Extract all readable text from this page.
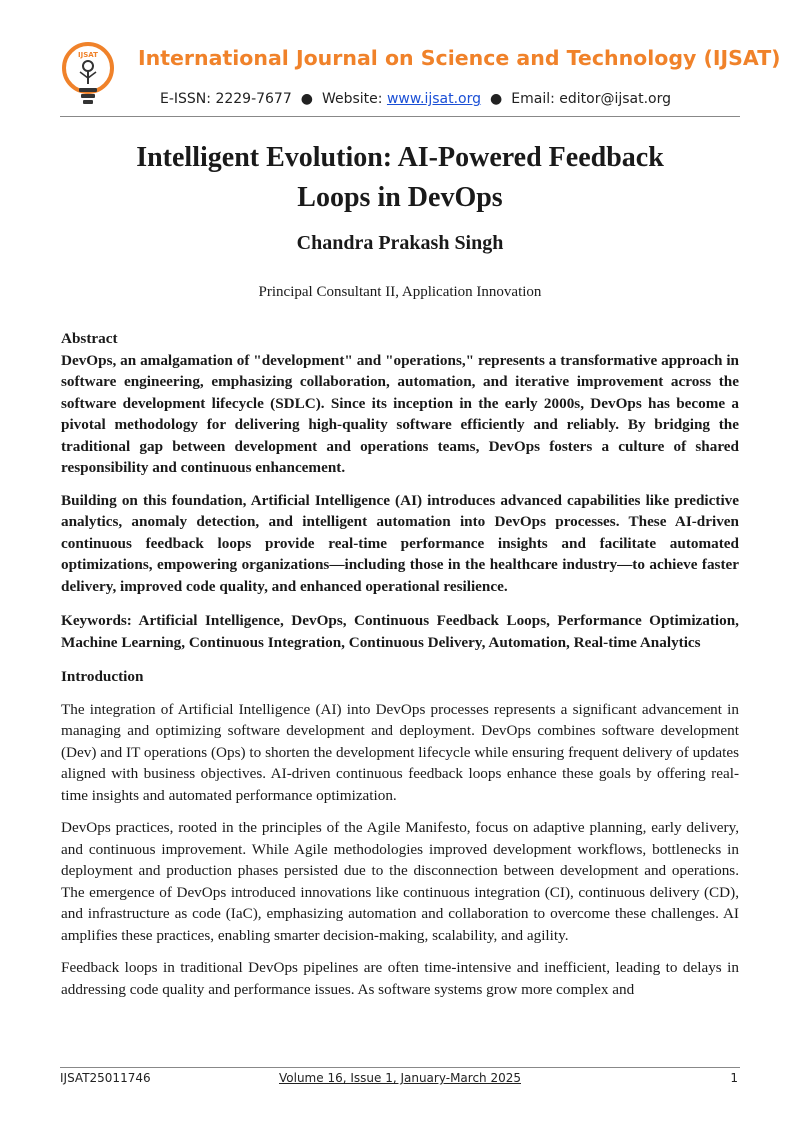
IJSAT International Journal on Science and Technology (IJSAT)
E-ISSN: 2229-7677 ● Website: www.ijsat.org ● Email: editor@ijsat.org
Intelligent Evolution: AI-Powered Feedback
Loops in DevOps
Chandra Prakash Singh
Principal Consultant II, Application Innovation
Abstract

DevOps, an amalgamation of "development" and "operations," represents a transformative approach in software engineering, emphasizing collaboration, automation, and iterative improvement across the software development lifecycle (SDLC). Since its inception in the early 2000s, DevOps has become a pivotal methodology for delivering high-quality software efficiently and reliably. By bridging the traditional gap between development and operations teams, DevOps fosters a culture of shared responsibility and continuous enhancement.

Building on this foundation, Artificial Intelligence (AI) introduces advanced capabilities like predictive analytics, anomaly detection, and intelligent automation into DevOps processes. These AI-driven continuous feedback loops provide real-time performance insights and facilitate automated optimizations, empowering organizations—including those in the healthcare industry—to achieve faster delivery, improved code quality, and enhanced operational resilience.

Keywords: Artificial Intelligence, DevOps, Continuous Feedback Loops, Performance Optimization, Machine Learning, Continuous Integration, Continuous Delivery, Automation, Real-time Analytics

Introduction

The integration of Artificial Intelligence (AI) into DevOps processes represents a significant advancement in managing and optimizing software development and deployment. DevOps combines software development (Dev) and IT operations (Ops) to shorten the development lifecycle while ensuring frequent delivery of updates aligned with business objectives. AI-driven continuous feedback loops enhance these goals by offering real-time insights and automated performance optimization.

DevOps practices, rooted in the principles of the Agile Manifesto, focus on adaptive planning, early delivery, and continuous improvement. While Agile methodologies improved development workflows, bottlenecks in deployment and production phases persisted due to the disconnection between development and operations. The emergence of DevOps introduced innovations like continuous integration (CI), continuous delivery (CD), and infrastructure as code (IaC), emphasizing automation and collaboration to overcome these challenges. AI amplifies these practices, enabling smarter decision-making, scalability, and agility.

Feedback loops in traditional DevOps pipelines are often time-intensive and inefficient, leading to delays in addressing code quality and performance issues. As software systems grow more complex and

IJSAT25011746	Volume 16, Issue 1, January-March 2025	1
